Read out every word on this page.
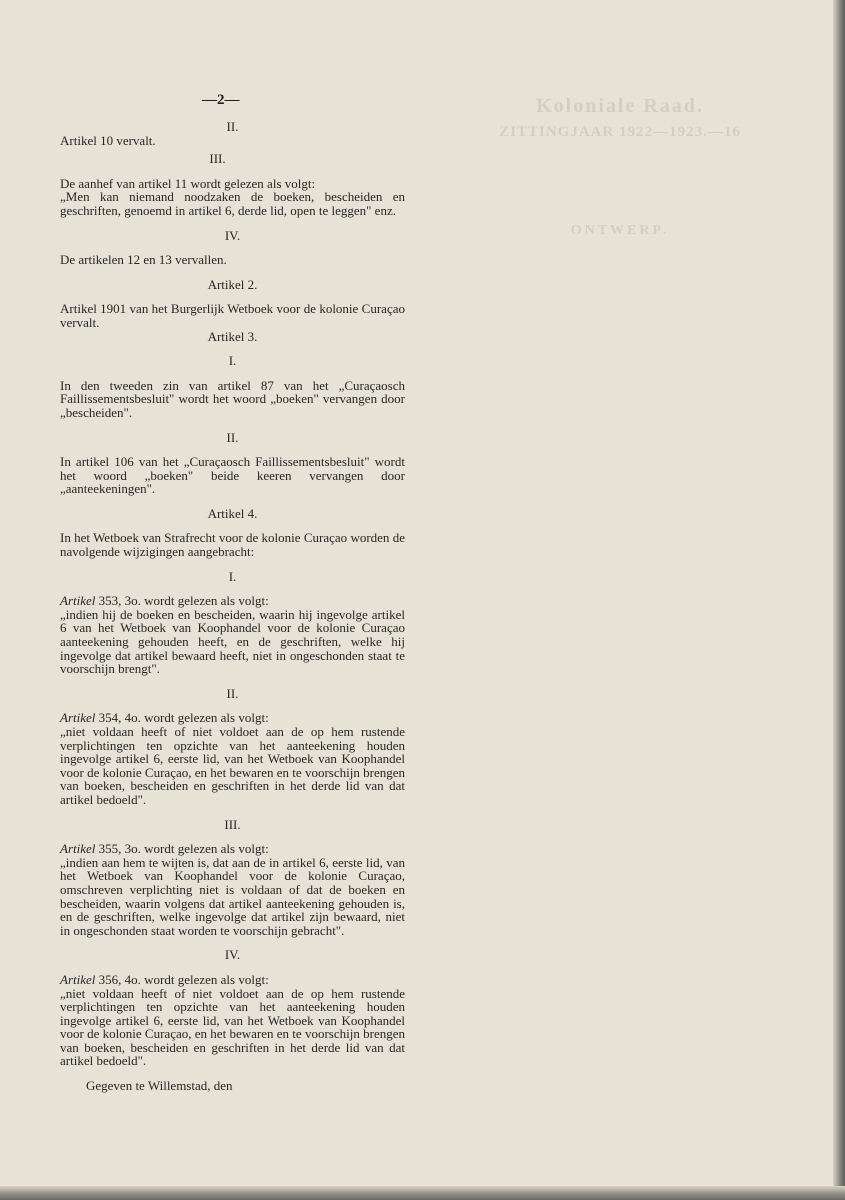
Koloniale Raad.
ZITTINGJAAR 1922—1923.—16
ONTWERP.
—2—

II.

Artikel 10 vervalt.

III.

De aanhef van artikel 11 wordt gelezen als volgt:

„Men kan niemand noodzaken de boeken, bescheiden en geschriften, genoemd in artikel 6, derde lid, open te leggen" enz.

IV.

De artikelen 12 en 13 vervallen.

Artikel 2.

Artikel 1901 van het Burgerlijk Wetboek voor de kolonie Curaçao vervalt.

Artikel 3.

I.

In den tweeden zin van artikel 87 van het „Curaçaosch Faillissementsbesluit" wordt het woord „boeken" vervangen door „bescheiden".

II.

In artikel 106 van het „Curaçaosch Faillissementsbesluit" wordt het woord „boeken" beide keeren vervangen door „aanteekeningen".

Artikel 4.

In het Wetboek van Strafrecht voor de kolonie Curaçao worden de navolgende wijzigingen aangebracht:

I.

Artikel 353, 3o. wordt gelezen als volgt:

„indien hij de boeken en bescheiden, waarin hij ingevolge artikel 6 van het Wetboek van Koophandel voor de kolonie Curaçao aanteekening gehouden heeft, en de geschriften, welke hij ingevolge dat artikel bewaard heeft, niet in ongeschonden staat te voorschijn brengt".

II.

Artikel 354, 4o. wordt gelezen als volgt:

„niet voldaan heeft of niet voldoet aan de op hem rustende verplichtingen ten opzichte van het aanteekening houden ingevolge artikel 6, eerste lid, van het Wetboek van Koophandel voor de kolonie Curaçao, en het bewaren en te voorschijn brengen van boeken, bescheiden en geschriften in het derde lid van dat artikel bedoeld".

III.

Artikel 355, 3o. wordt gelezen als volgt:

„indien aan hem te wijten is, dat aan de in artikel 6, eerste lid, van het Wetboek van Koophandel voor de kolonie Curaçao, omschreven verplichting niet is voldaan of dat de boeken en bescheiden, waarin volgens dat artikel aanteekening gehouden is, en de geschriften, welke ingevolge dat artikel zijn bewaard, niet in ongeschonden staat worden te voorschijn gebracht".

IV.

Artikel 356, 4o. wordt gelezen als volgt:

„niet voldaan heeft of niet voldoet aan de op hem rustende verplichtingen ten opzichte van het aanteekening houden ingevolge artikel 6, eerste lid, van het Wetboek van Koophandel voor de kolonie Curaçao, en het bewaren en te voorschijn brengen van boeken, bescheiden en geschriften in het derde lid van dat artikel bedoeld".

Gegeven te Willemstad, den
